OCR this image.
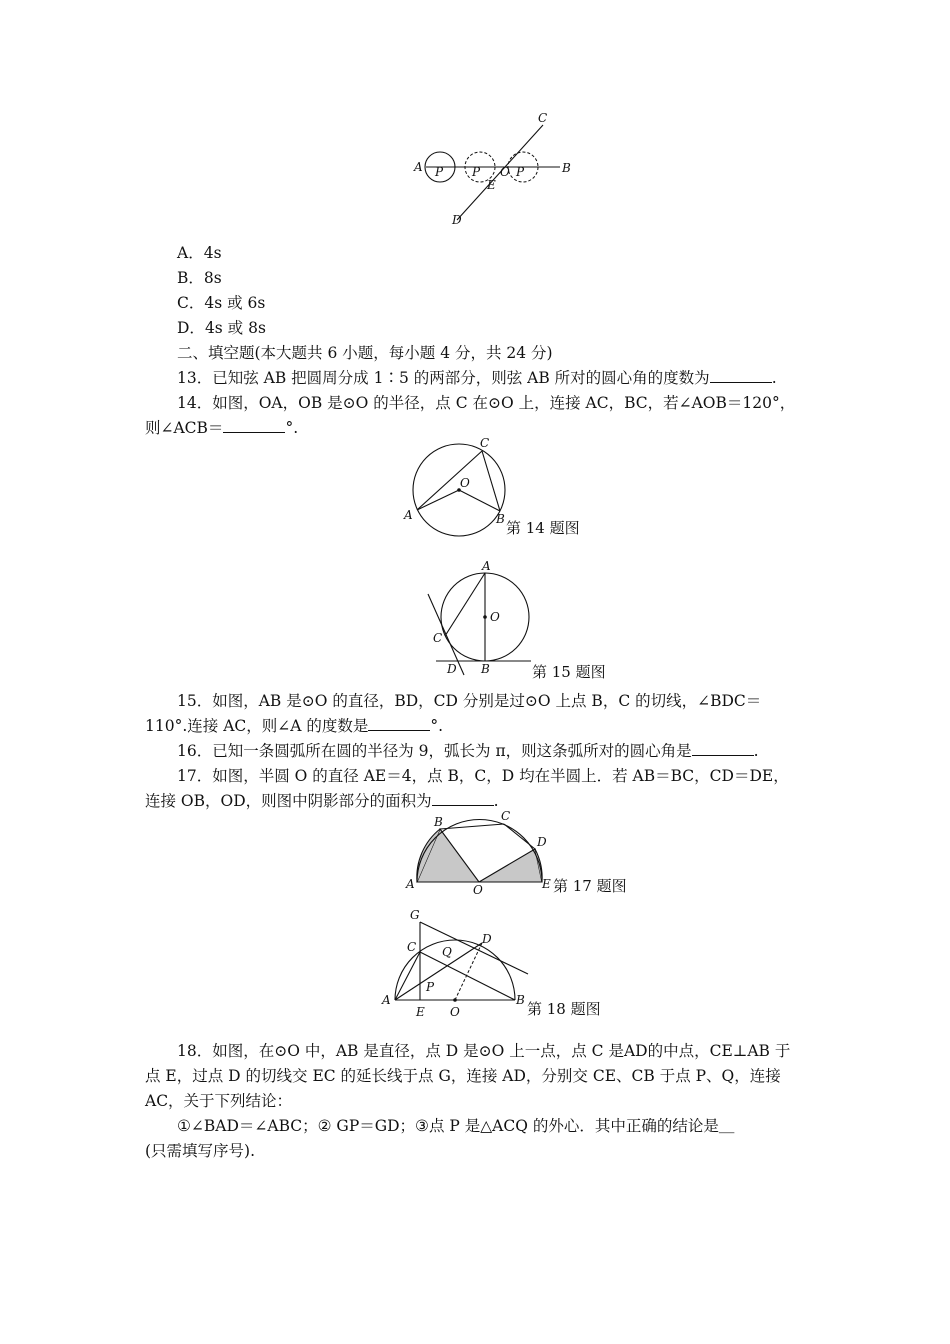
A	B
C
D
E
O
P P	P
A．4s
B．8s
C．4s 或 6s
D．4s 或 8s
二、填空题(本大题共 6 小题，每小题 4 分，共 24 分)
13．已知弦 AB 把圆周分成 1∶5 的两部分，则弦 AB 所对的圆心角的度数为	.
14．如图，OA，OB 是⊙O 的半径，点 C 在⊙O 上，连接 AC，BC，若∠AOB＝120°，
则∠ACB＝	°.
C
O
A	B 第 14 题图
A
O
C
D B	第 15 题图
15．如图，AB 是⊙O 的直径，BD，CD 分别是过⊙O 上点 B，C 的切线，∠BDC＝
110°.连接 AC，则∠A 的度数是	°.
16．已知一条圆弧所在圆的半径为 9，弧长为 π，则这条弧所对的圆心角是	.
17．如图，半圆 O 的直径 AE＝4，点 B，C，D 均在半圆上．若 AB＝BC，CD＝DE，
连接 OB，OD，则图中阴影部分的面积为	.
B	C
D
A	O	E 第 17 题图
G
C Q
D
P
A	B
E O	第 18 题图
18．如图，在⊙O 中，AB 是直径，点 D 是⊙O 上一点，点 C 是AD的中点，CE⊥AB 于
点 E，过点 D 的切线交 EC 的延长线于点 G，连接 AD，分别交 CE、CB 于点 P、Q，连接
AC，关于下列结论：
①∠BAD＝∠ABC；② GP＝GD；③点 P 是△ACQ 的外心．其中正确的结论是＿
(只需填写序号).
